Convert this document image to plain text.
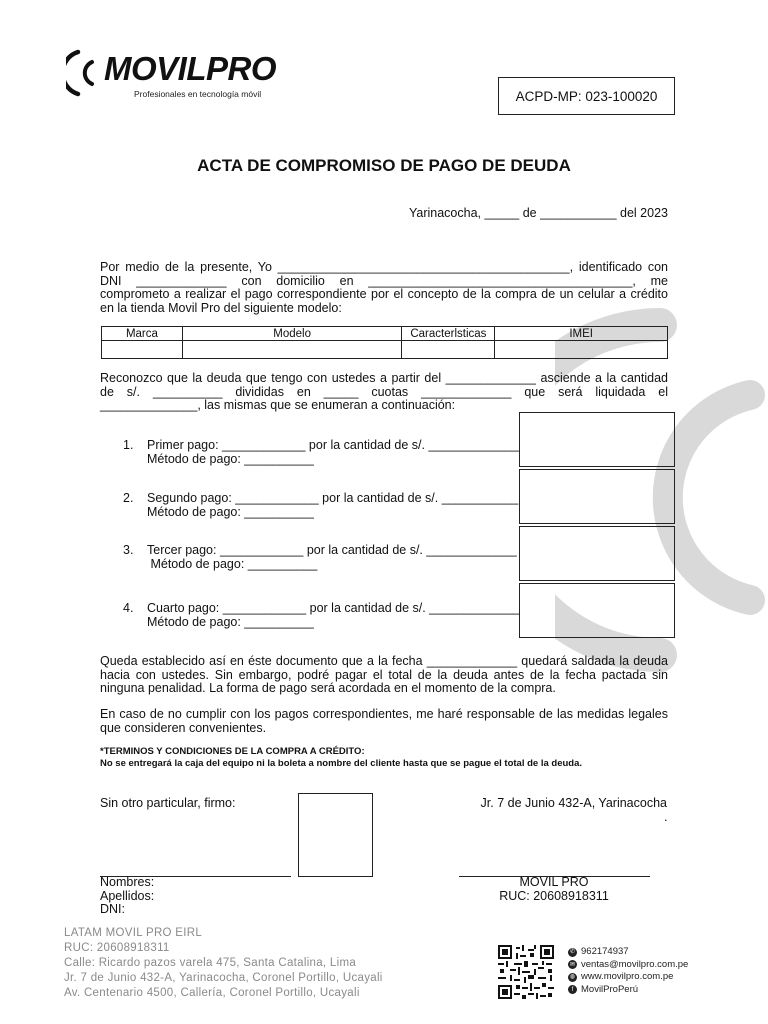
MOVILPRO
Profesionales en tecnología móvil	ACPD-MP: 023-100020
ACTA DE COMPROMISO DE PAGO DE DEUDA
Yarinacocha, _____ de ___________ del 2023

Por medio de la presente, Yo __________________________________________, identificado con DNI _____________ con domicilio en ______________________________________, me comprometo a realizar el pago correspondiente por el concepto de la compra de un celular a crédito en la tienda Movil Pro del siguiente modelo:

Marca	Modelo	Caracterlsticas	IMEI

Reconozco que la deuda que tengo con ustedes a partir del _____________ asciende a la cantidad de s/. __________ divididas en _____ cuotas _____________ que será liquidada el ______________, las mismas que se enumeran a continuación:

1. Primer pago: ____________ por la cantidad de s/. _____________
Método de pago: __________
2. Segundo pago: ____________ por la cantidad de s/. ___________
Método de pago: __________
3. Tercer pago: ____________ por la cantidad de s/. _____________
Método de pago: __________
4. Cuarto pago: ____________ por la cantidad de s/. _____________
Método de pago: __________

Queda establecido así en éste documento que a la fecha _____________ quedará saldada la deuda hacia con ustedes. Sin embargo, podré pagar el total de la deuda antes de la fecha pactada sin ninguna penalidad. La forma de pago será acordada en el momento de la compra.

En caso de no cumplir con los pagos correspondientes, me haré responsable de las medidas legales que consideren convenientes.

*TERMINOS Y CONDICIONES DE LA COMPRA A CRÉDITO:
No se entregará la caja del equipo ni la boleta a nombre del cliente hasta que se pague el total de la deuda.
Sin otro particular, firmo:	Jr. 7 de Junio 432-A, Yarinacocha
.
Nombres:
Apellidos:
DNI:
MOVIL PRO
RUC: 20608918311
LATAM MOVIL PRO EIRL
RUC: 20608918311
Calle: Ricardo pazos varela 475, Santa Catalina, Lima
Jr. 7 de Junio 432-A, Yarinacocha, Coronel Portillo, Ucayali
Av. Centenario 4500, Callería, Coronel Portillo, Ucayali
✆ 962174937
✉ ventas@movilpro.com.pe
◍ www.movilpro.com.pe
f MovilProPerú
